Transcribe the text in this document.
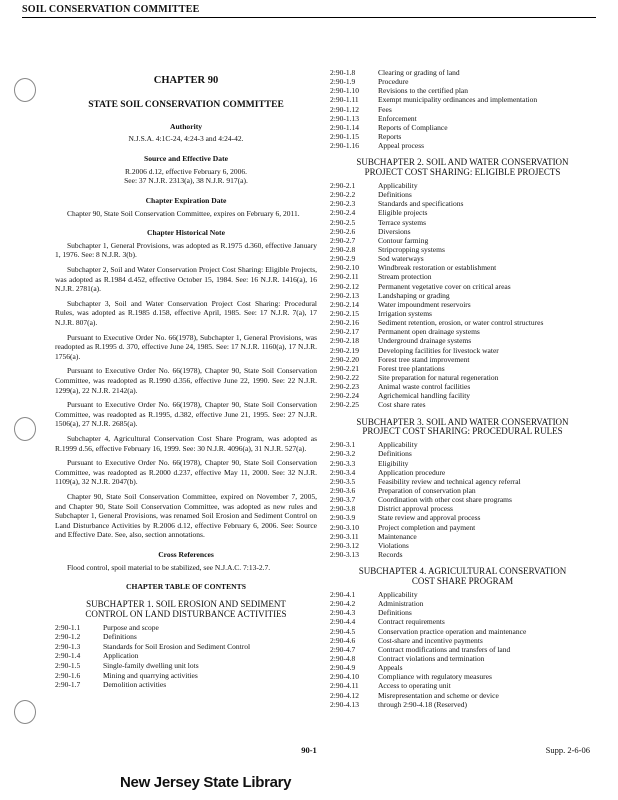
SOIL CONSERVATION COMMITTEE
CHAPTER 90
STATE SOIL CONSERVATION COMMITTEE
Authority
N.J.S.A. 4:1C-24, 4:24-3 and 4:24-42.
Source and Effective Date
R.2006 d.12, effective February 6, 2006.
See: 37 N.J.R. 2313(a), 38 N.J.R. 917(a).
Chapter Expiration Date

Chapter 90, State Soil Conservation Committee, expires on February 6, 2011.

Chapter Historical Note

Subchapter 1, General Provisions, was adopted as R.1975 d.360, effective January 1, 1976. See: 8 N.J.R. 3(b).

Subchapter 2, Soil and Water Conservation Project Cost Sharing: Eligible Projects, was adopted as R.1984 d.452, effective October 15, 1984. See: 16 N.J.R. 1416(a), 16 N.J.R. 2781(a).

Subchapter 3, Soil and Water Conservation Project Cost Sharing: Procedural Rules, was adopted as R.1985 d.158, effective April, 1985. See: 17 N.J.R. 7(a), 17 N.J.R. 807(a).

Pursuant to Executive Order No. 66(1978), Subchapter 1, General Provisions, was readopted as R.1995 d. 370, effective June 24, 1985. See: 17 N.J.R. 1160(a), 17 N.J.R. 1756(a).

Pursuant to Executive Order No. 66(1978), Chapter 90, State Soil Conservation Committee, was readopted as R.1990 d.356, effective June 22, 1990. See: 22 N.J.R. 1299(a), 22 N.J.R. 2142(a).

Pursuant to Executive Order No. 66(1978), Chapter 90, State Soil Conservation Committee, was readopted as R.1995, d.382, effective June 21, 1995. See: 27 N.J.R. 1506(a), 27 N.J.R. 2685(a).

Subchapter 4, Agricultural Conservation Cost Share Program, was adopted as R.1999 d.56, effective February 16, 1999. See: 30 N.J.R. 4096(a), 31 N.J.R. 527(a).

Pursuant to Executive Order No. 66(1978), Chapter 90, State Soil Conservation Committee, was readopted as R.2000 d.237, effective May 11, 2000. See: 32 N.J.R. 1109(a), 32 N.J.R. 2047(b).

Chapter 90, State Soil Conservation Committee, expired on November 7, 2005, and Chapter 90, State Soil Conservation Committee, was adopted as new rules and Subchapter 1, General Provisions, was renamed Soil Erosion and Sediment Control on Land Disturbance Activities by R.2006 d.12, effective February 6, 2006. See: Source and Effective Date. See, also, section annotations.

Cross References

Flood control, spoil material to be stabilized, see N.J.A.C. 7:13-2.7.

CHAPTER TABLE OF CONTENTS
SUBCHAPTER 1. SOIL EROSION AND SEDIMENT
CONTROL ON LAND DISTURBANCE ACTIVITIES
2:90-1.1	Purpose and scope
2:90-1.2	Definitions
2:90-1.3	Standards for Soil Erosion and Sediment Control
2:90-1.4	Application
2:90-1.5	Single-family dwelling unit lots
2:90-1.6	Mining and quarrying activities
2:90-1.7	Demolition activities
2:90-1.8	Clearing or grading of land
2:90-1.9	Procedure
2:90-1.10	Revisions to the certified plan
2:90-1.11	Exempt municipality ordinances and implementation
2:90-1.12	Fees
2:90-1.13	Enforcement
2:90-1.14	Reports of Compliance
2:90-1.15	Reports
2:90-1.16	Appeal process
SUBCHAPTER 2. SOIL AND WATER CONSERVATION
PROJECT COST SHARING: ELIGIBLE PROJECTS
2:90-2.1	Applicability
2:90-2.2	Definitions
2:90-2.3	Standards and specifications
2:90-2.4	Eligible projects
2:90-2.5	Terrace systems
2:90-2.6	Diversions
2:90-2.7	Contour farming
2:90-2.8	Stripcropping systems
2:90-2.9	Sod waterways
2:90-2.10	Windbreak restoration or establishment
2:90-2.11	Stream protection
2:90-2.12	Permanent vegetative cover on critical areas
2:90-2.13	Landshaping or grading
2:90-2.14	Water impoundment reservoirs
2:90-2.15	Irrigation systems
2:90-2.16	Sediment retention, erosion, or water control structures
2:90-2.17	Permanent open drainage systems
2:90-2.18	Underground drainage systems
2:90-2.19	Developing facilities for livestock water
2:90-2.20	Forest tree stand improvement
2:90-2.21	Forest tree plantations
2:90-2.22	Site preparation for natural regeneration
2:90-2.23	Animal waste control facilities
2:90-2.24	Agrichemical handling facility
2:90-2.25	Cost share rates
SUBCHAPTER 3. SOIL AND WATER CONSERVATION
PROJECT COST SHARING: PROCEDURAL RULES
2:90-3.1	Applicability
2:90-3.2	Definitions
2:90-3.3	Eligibility
2:90-3.4	Application procedure
2:90-3.5	Feasibility review and technical agency referral
2:90-3.6	Preparation of conservation plan
2:90-3.7	Coordination with other cost share programs
2:90-3.8	District approval process
2:90-3.9	State review and approval process
2:90-3.10	Project completion and payment
2:90-3.11	Maintenance
2:90-3.12	Violations
2:90-3.13	Records
SUBCHAPTER 4. AGRICULTURAL CONSERVATION
COST SHARE PROGRAM
2:90-4.1	Applicability
2:90-4.2	Administration
2:90-4.3	Definitions
2:90-4.4	Contract requirements
2:90-4.5	Conservation practice operation and maintenance
2:90-4.6	Cost-share and incentive payments
2:90-4.7	Contract modifications and transfers of land
2:90-4.8	Contract violations and termination
2:90-4.9	Appeals
2:90-4.10	Compliance with regulatory measures
2:90-4.11	Access to operating unit
2:90-4.12	Misrepresentation and scheme or device
2:90-4.13	through 2:90-4.18 (Reserved)
90-1	Supp. 2-6-06
New Jersey State Library
